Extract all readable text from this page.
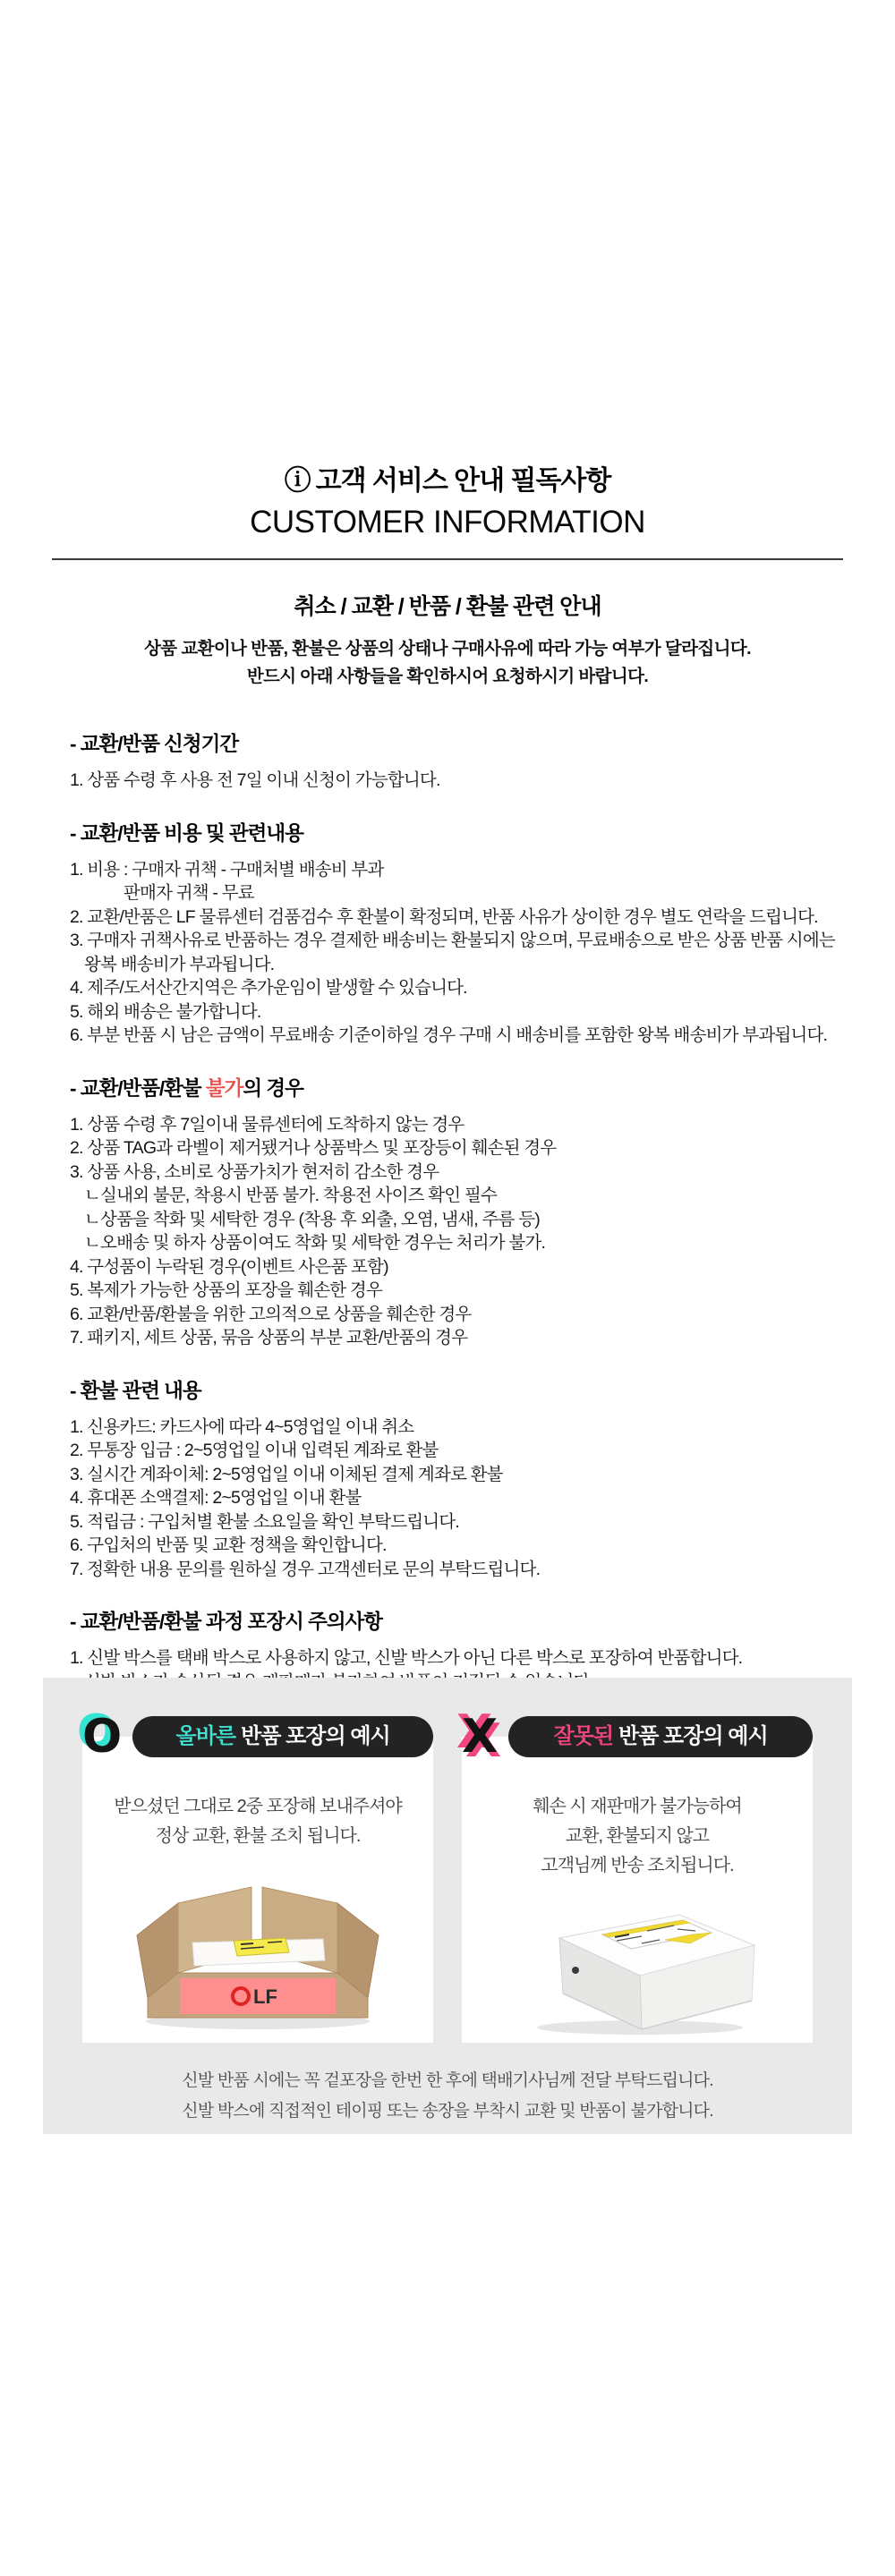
ⓘ 고객 서비스 안내 필독사항
CUSTOMER INFORMATION
취소 / 교환 / 반품 / 환불 관련 안내
상품 교환이나 반품, 환불은 상품의 상태나 구매사유에 따라 가능 여부가 달라집니다.
반드시 아래 사항들을 확인하시어 요청하시기 바랍니다.
- 교환/반품 신청기간
1. 상품 수령 후 사용 전 7일 이내 신청이 가능합니다.
- 교환/반품 비용 및 관련내용
1. 비용 : 구매자 귀책 - 구매처별 배송비 부과
판매자 귀책 - 무료
2. 교환/반품은 LF 물류센터 검품검수 후 환불이 확정되며, 반품 사유가 상이한 경우 별도 연락을 드립니다.
3. 구매자 귀책사유로 반품하는 경우 결제한 배송비는 환불되지 않으며, 무료배송으로 받은 상품 반품 시에는
왕복 배송비가 부과됩니다.
4. 제주/도서산간지역은 추가운임이 발생할 수 있습니다.
5. 해외 배송은 불가합니다.
6. 부분 반품 시 남은 금액이 무료배송 기준이하일 경우 구매 시 배송비를 포함한 왕복 배송비가 부과됩니다.
- 교환/반품/환불 불가의 경우
1. 상품 수령 후 7일이내 물류센터에 도착하지 않는 경우
2. 상품 TAG과 라벨이 제거됐거나 상품박스 및 포장등이 훼손된 경우
3. 상품 사용, 소비로 상품가치가 현저히 감소한 경우
ㄴ실내외 불문, 착용시 반품 불가. 착용전 사이즈 확인 필수
ㄴ상품을 착화 및 세탁한 경우 (착용 후 외출, 오염, 냄새, 주름 등)
ㄴ오배송 및 하자 상품이여도 착화 및 세탁한 경우는 처리가 불가.
4. 구성품이 누락된 경우(이벤트 사은품 포함)
5. 복제가 가능한 상품의 포장을 훼손한 경우
6. 교환/반품/환불을 위한 고의적으로 상품을 훼손한 경우
7. 패키지, 세트 상품, 묶음 상품의 부분 교환/반품의 경우
- 환불 관련 내용
1. 신용카드: 카드사에 따라 4~5영업일 이내 취소
2. 무통장 입금 : 2~5영업일 이내 입력된 계좌로 환불
3. 실시간 계좌이체: 2~5영업일 이내 이체된 결제 계좌로 환불
4. 휴대폰 소액결제: 2~5영업일 이내 환불
5. 적립금 : 구입처별 환불 소요일을 확인 부탁드립니다.
6. 구입처의 반품 및 교환 정책을 확인합니다.
7. 정확한 내용 문의를 원하실 경우 고객센터로 문의 부탁드립니다.
- 교환/반품/환불 과정 포장시 주의사항
1. 신발 박스를 택배 박스로 사용하지 않고, 신발 박스가 아닌 다른 박스로 포장하여 반품합니다.
O	올바른 반품 포장의 예시
받으셨던 그대로 2중 포장해 보내주셔야
정상 교환, 환불 조치 됩니다.
LF
X	잘못된 반품 포장의 예시
훼손 시 재판매가 불가능하여
교환, 환불되지 않고
고객님께 반송 조치됩니다.
신발 반품 시에는 꼭 겉포장을 한번 한 후에 택배기사님께 전달 부탁드립니다.
신발 박스에 직접적인 테이핑 또는 송장을 부착시 교환 및 반품이 불가합니다.
